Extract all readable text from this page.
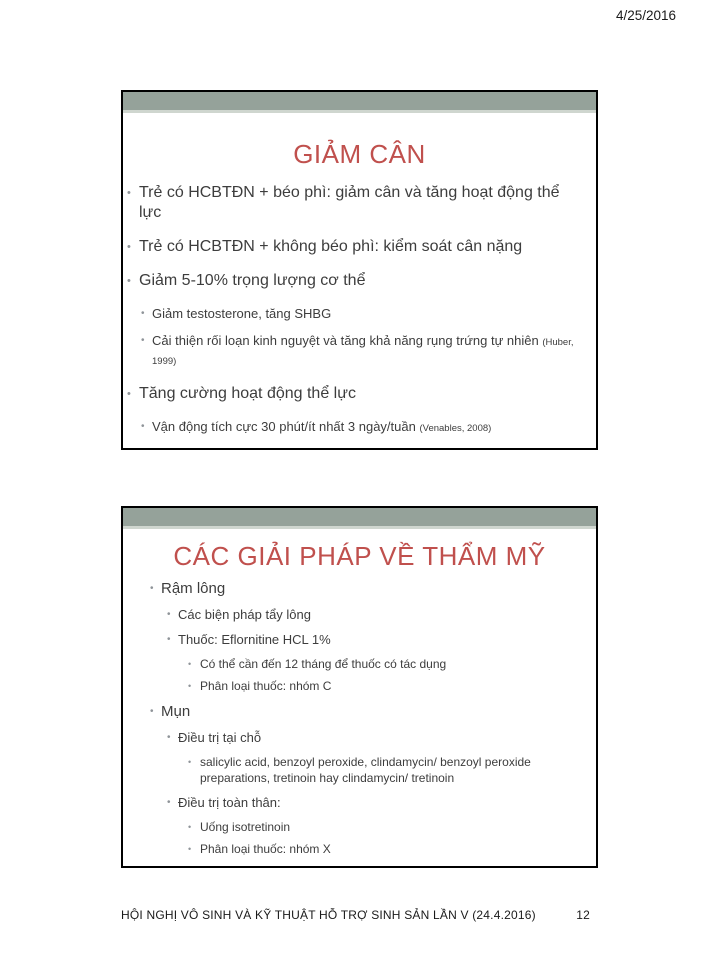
4/25/2016
GIẢM CÂN
•
Trẻ có HCBTĐN + béo phì: giảm cân và tăng hoạt động thể lực
•
Trẻ có HCBTĐN + không béo phì: kiểm soát cân nặng
•
Giảm 5-10% trọng lượng cơ thể
•
Giảm testosterone, tăng SHBG
•
Cải thiện rối loạn kinh nguyệt và tăng khả năng rụng trứng tự nhiên (Huber, 1999)
•
Tăng cường hoạt động thể lực
•
Vận động tích cực 30 phút/ít nhất 3 ngày/tuần (Venables, 2008)
CÁC GIẢI PHÁP VỀ THẨM MỸ
•
Rậm lông
•
Các biện pháp tẩy lông
•
Thuốc: Eflornitine HCL 1%
•
Có thể cần đến 12 tháng để thuốc có tác dụng
•
Phân loại thuốc: nhóm C
•
Mụn
•
Điều trị tại chỗ
•
salicylic acid, benzoyl peroxide, clindamycin/ benzoyl peroxide preparations, tretinoin hay clindamycin/ tretinoin
•
Điều trị toàn thân:
•
Uống isotretinoin
•
Phân loại thuốc: nhóm X
HỘI NGHỊ VÔ SINH VÀ KỸ THUẬT HỖ TRỢ SINH SẢN LẦN V (24.4.2016)	12
